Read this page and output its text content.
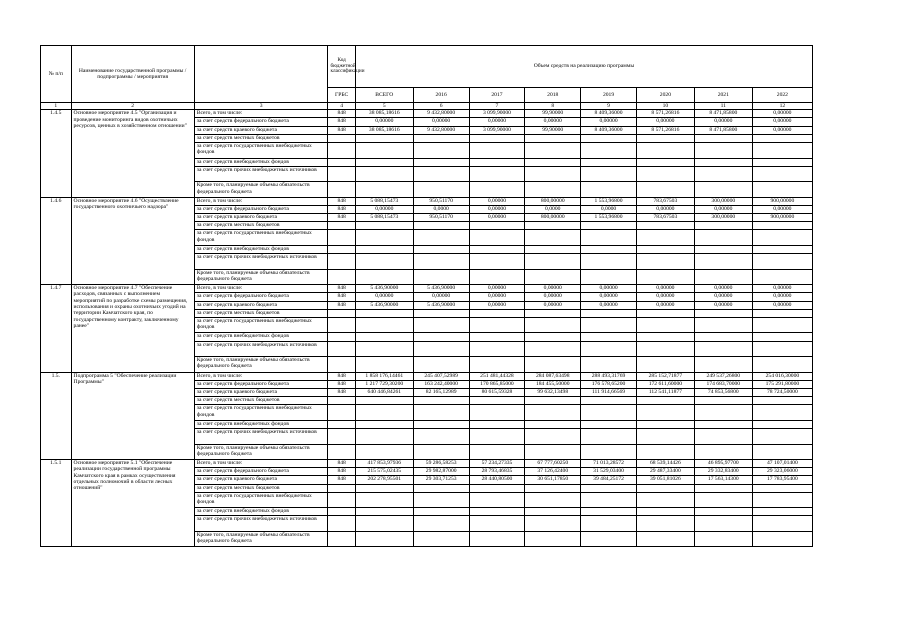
№ п/п	Наименование государственной программы /подпрограммы / мероприятия		Код бюджетной классификации	Объем средств на реализацию программы							
			ГРБС	ВСЕГО	2016	2017	2018	2019	2020	2021	2022
1	2	3	4	5	6	7	8	9	10	11	12
1.4.5	Основное мероприятие 4.5 "Организация и проведение мониторинга видов охотничьих ресурсов, ценных в хозяйственном отношении"	Всего, в том числе:	848	38 085,18616	9 432,80000	3 099,90000	99,90000	8 409,36000	8 571,26816	8 471,85800	0,00000
		за счет средств федерального бюджета	848	0,00000	0,00000	0,00000	0,00000	0,00000	0,00000	0,00000	0,00000
		за счет средств краевого бюджета	848	38 085,18616	9 432,80000	3 099,90000	99,90000	8 409,36000	8 571,26816	8 471,85800	0,00000
		за счет средств местных бюджетов									
		за счет средств государственных внебюджетных фондов									
		за счет средств внебюджетных фондов									
		за счет средств прочих внебюджетных источников									
		Кроме того, планируемые объемы обязательств федерального бюджета									
1.4.6	Основное мероприятие 4.6 "Осуществление государственного охотничьего надзора"	Всего, в том числе:	848	5 088,15473	950,51170	0,00000	800,00000	1 553,96800	783,67503	300,00000	900,00000
		за счет средств федерального бюджета	848	0,00000	0,0000	0,00000	0,0000	0,0000	0,00000	0,00000	0,00000
		за счет средств краевого бюджета	848	5 088,15473	950,51170	0,00000	800,00000	1 553,96800	783,67503	300,00000	900,00000
		за счет средств местных бюджетов									
		за счет средств государственных внебюджетных фондов									
		за счет средств внебюджетных фондов									
		за счет средств прочих внебюджетных источников									
		Кроме того, планируемые объемы обязательств федерального бюджета									
1.4.7	Основное мероприятие 4.7 "Обеспечение расходов, связанных с выполнением мероприятий по разработке схемы размещения, использования и охраны охотничьих угодий на территории Камчатского края, по государственному контракту, заключенному ранее"	Всего, в том числе:	848	5 436,90000	5 436,90000	0,00000	0,00000	0,00000	0,00000	0,00000	0,00000
		за счет средств федерального бюджета	848	0,00000	0,00000	0,00000	0,00000	0,00000	0,00000	0,00000	0,00000
		за счет средств краевого бюджета	848	5 436,90000	5 436,90000	0,00000	0,00000	0,00000	0,00000	0,00000	0,00000
		за счет средств местных бюджетов									
		за счет средств государственных внебюджетных фондов									
		за счет средств внебюджетных фондов									
		за счет средств прочих внебюджетных источников									
		Кроме того, планируемые объемы обязательств федерального бюджета									
1.5.	Подпрограмма 5 "Обеспечение реализации Программы"	Всего, в том числе:	848	1 858 176,14461	245 407,52989	251 481,44328	284 087,63498	288 493,31769	285 152,71877	249 537,26800	254 016,30000
		за счет средств федерального бюджета	848	1 217 729,30200	163 242,40000	170 865,85000	184 455,50000	176 578,65200	172 611,60000	174 683,70000	175 291,80000
		за счет средств краевого бюджета	848	640 446,84261	82 165,12989	80 615,59328	99 632,13498	111 914,66569	112 541,11877	74 853,56800	78 724,50000
		за счет средств местных бюджетов									
		за счет средств государственных внебюджетных фондов									
		за счет средств внебюджетных фондов									
		за счет средств прочих внебюджетных источников									
		Кроме того, планируемые объемы обязательств федерального бюджета									
1.5.1	Основное мероприятие 5.1 "Обеспечение реализации государственной программы Камчатского края в рамках осуществления отдельных полномочий в области лесных отношений"	Всего, в том числе:	848	417 853,97936	59 286,58253	57 234,27335	67 777,60250	71 013,28572	68 539,14426	46 895,97700	47 107,01400
		за счет средств федерального бюджета	848	215 575,02435	29 982,87000	28 793,46835	37 126,42400	31 529,03400	29 487,33400	29 332,83400	29 323,06000
		за счет средств краевого бюджета	848	202 278,95501	29 303,71253	28 440,80500	30 651,17850	39 484,25172	39 051,81026	17 563,14300	17 783,95400
		за счет средств местных бюджетов									
		за счет средств государственных внебюджетных фондов									
		за счет средств внебюджетных фондов									
		за счет средств прочих внебюджетных источников									
		Кроме того, планируемые объемы обязательств федерального бюджета									
